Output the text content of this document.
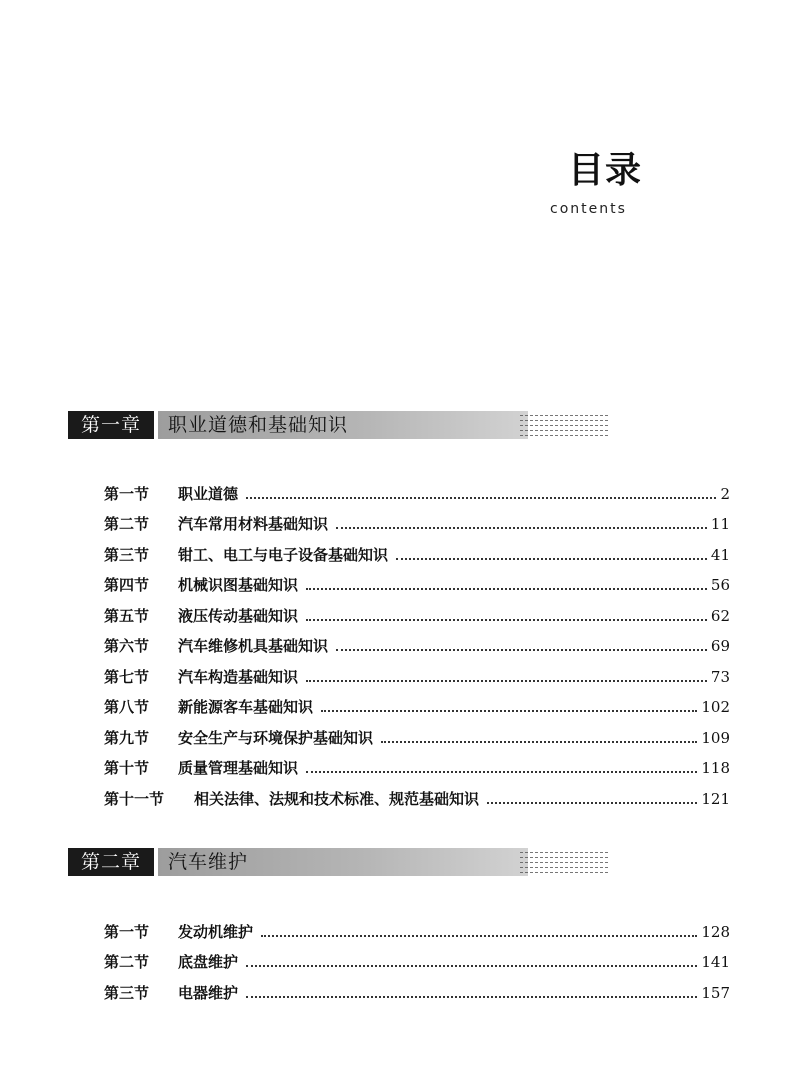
目录
contents
第一章	职业道德和基础知识
第一节	职业道德	2
第二节	汽车常用材料基础知识	11
第三节	钳工、电工与电子设备基础知识	41
第四节	机械识图基础知识	56
第五节	液压传动基础知识	62
第六节	汽车维修机具基础知识	69
第七节	汽车构造基础知识	73
第八节	新能源客车基础知识	102
第九节	安全生产与环境保护基础知识	109
第十节	质量管理基础知识	118
第十一节	相关法律、法规和技术标准、规范基础知识	121
第二章	汽车维护
第一节	发动机维护	128
第二节	底盘维护	141
第三节	电器维护	157
